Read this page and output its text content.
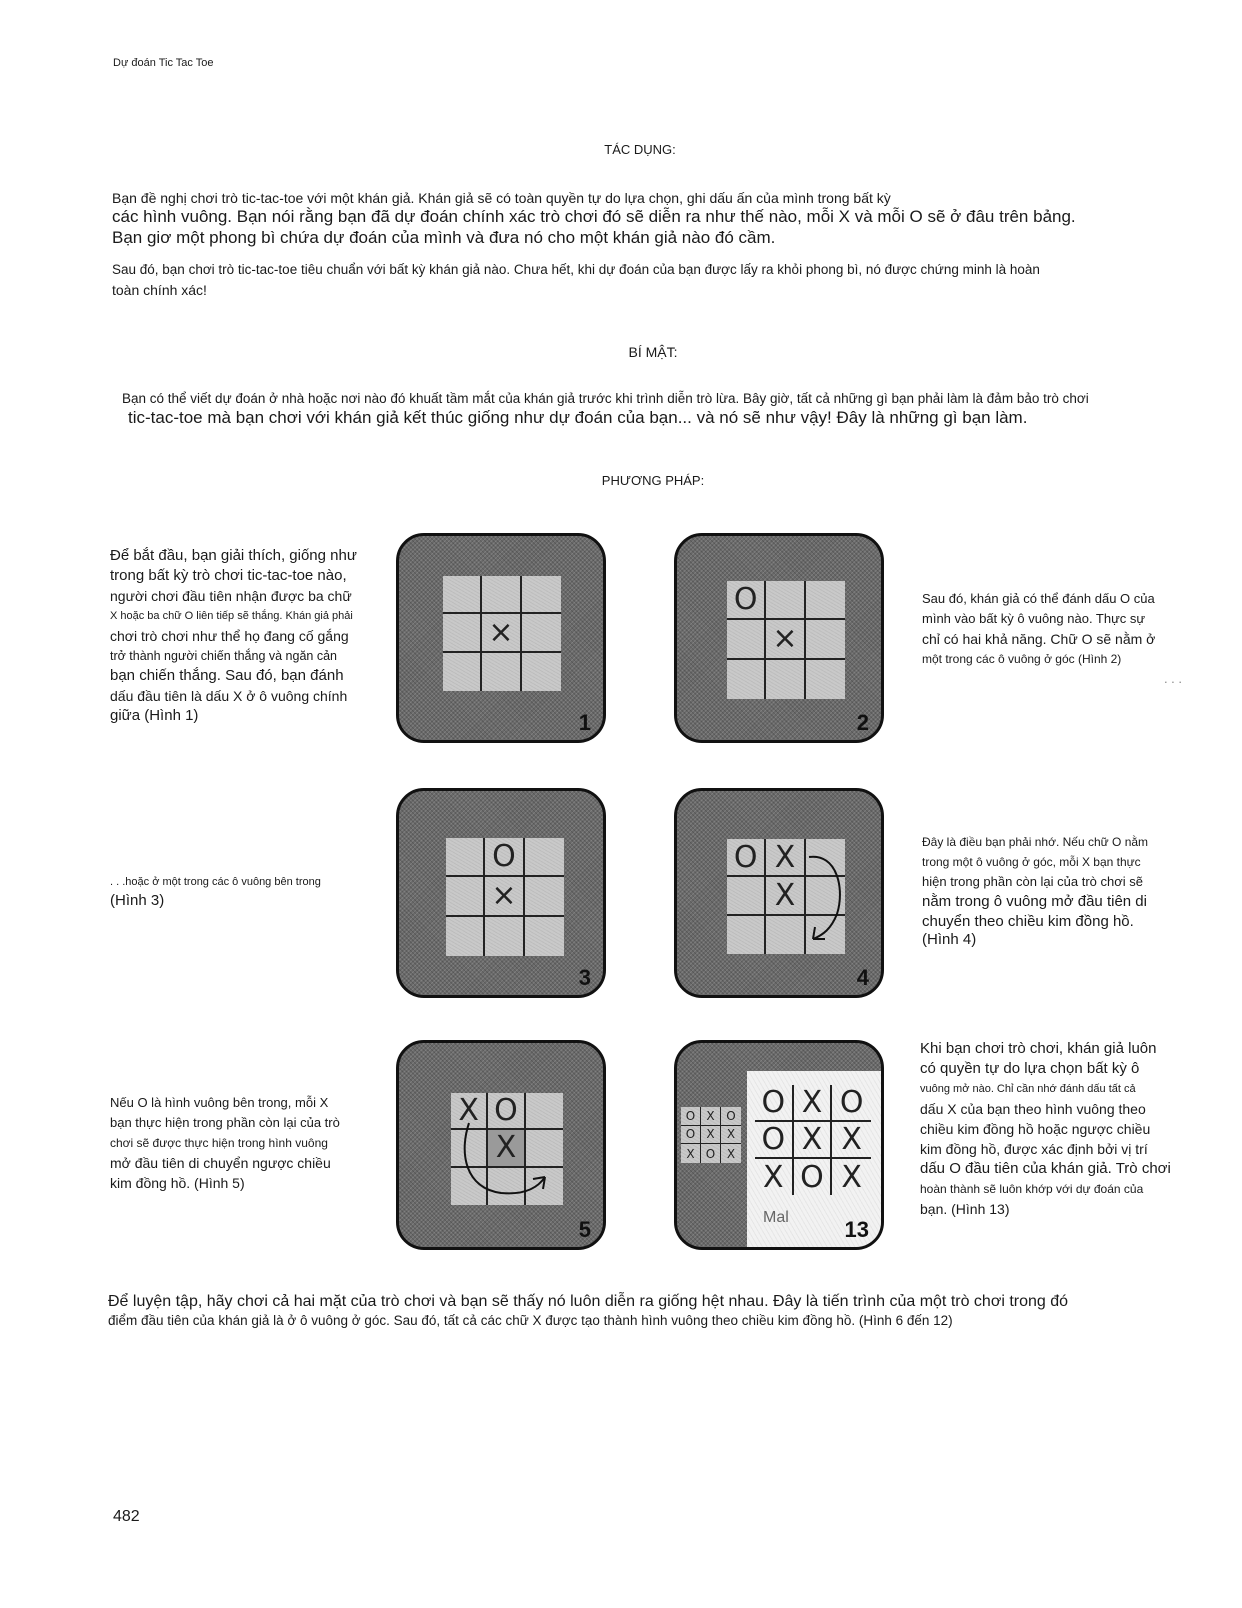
Dự đoán Tic Tac Toe
TÁC DỤNG:
Bạn đề nghị chơi trò tic-tac-toe với một khán giả. Khán giả sẽ có toàn quyền tự do lựa chọn, ghi dấu ấn của mình trong bất kỳ
các hình vuông. Bạn nói rằng bạn đã dự đoán chính xác trò chơi đó sẽ diễn ra như thế nào, mỗi X và mỗi O sẽ ở đâu trên bảng.
Bạn giơ một phong bì chứa dự đoán của mình và đưa nó cho một khán giả nào đó cầm.
Sau đó, bạn chơi trò tic-tac-toe tiêu chuẩn với bất kỳ khán giả nào. Chưa hết, khi dự đoán của bạn được lấy ra khỏi phong bì, nó được chứng minh là hoàn
toàn chính xác!
BÍ MẬT:
Bạn có thể viết dự đoán ở nhà hoặc nơi nào đó khuất tầm mắt của khán giả trước khi trình diễn trò lừa. Bây giờ, tất cả những gì bạn phải làm là đảm bảo trò chơi
tic-tac-toe mà bạn chơi với khán giả kết thúc giống như dự đoán của bạn... và nó sẽ như vậy! Đây là những gì bạn làm.
PHƯƠNG PHÁP:
Để bắt đầu, bạn giải thích, giống như
trong bất kỳ trò chơi tic-tac-toe nào,
người chơi đầu tiên nhận được ba chữ
X hoặc ba chữ O liên tiếp sẽ thắng. Khán giả phải
chơi trò chơi như thể họ đang cố gắng
trở thành người chiến thắng và ngăn cản
bạn chiến thắng. Sau đó, bạn đánh
dấu đầu tiên là dấu X ở ô vuông chính
giữa (Hình 1)
Sau đó, khán giả có thể đánh dấu O của
mình vào bất kỳ ô vuông nào. Thực sự
chỉ có hai khả năng. Chữ O sẽ nằm ở
một trong các ô vuông ở góc (Hình 2)
. . .
. . .hoặc ở một trong các ô vuông bên trong
(Hình 3)
Đây là điều bạn phải nhớ. Nếu chữ O nằm
trong một ô vuông ở góc, mỗi X bạn thực
hiện trong phần còn lại của trò chơi sẽ
nằm trong ô vuông mở đầu tiên di
chuyển theo chiều kim đồng hồ.
(Hình 4)
Nếu O là hình vuông bên trong, mỗi X
bạn thực hiện trong phần còn lại của trò
chơi sẽ được thực hiện trong hình vuông
mở đầu tiên di chuyển ngược chiều
kim đồng hồ. (Hình 5)
Khi bạn chơi trò chơi, khán giả luôn
có quyền tự do lựa chọn bất kỳ ô
vuông mở nào. Chỉ cần nhớ đánh dấu tất cả
dấu X của bạn theo hình vuông theo
chiều kim đồng hồ hoặc ngược chiều
kim đồng hồ, được xác định bởi vị trí
dấu O đầu tiên của khán giả. Trò chơi
hoàn thành sẽ luôn khớp với dự đoán của
bạn. (Hình 13)
×
1
O
×
2
O
×
3
O X
X
4
X O
X
5
O X O
O X	X
X O X
O X O
O X X
X O X
Mal	13
Để luyện tập, hãy chơi cả hai mặt của trò chơi và bạn sẽ thấy nó luôn diễn ra giống hệt nhau. Đây là tiến trình của một trò chơi trong đó
điểm đầu tiên của khán giả là ở ô vuông ở góc. Sau đó, tất cả các chữ X được tạo thành hình vuông theo chiều kim đồng hồ. (Hình 6 đến 12)
482
